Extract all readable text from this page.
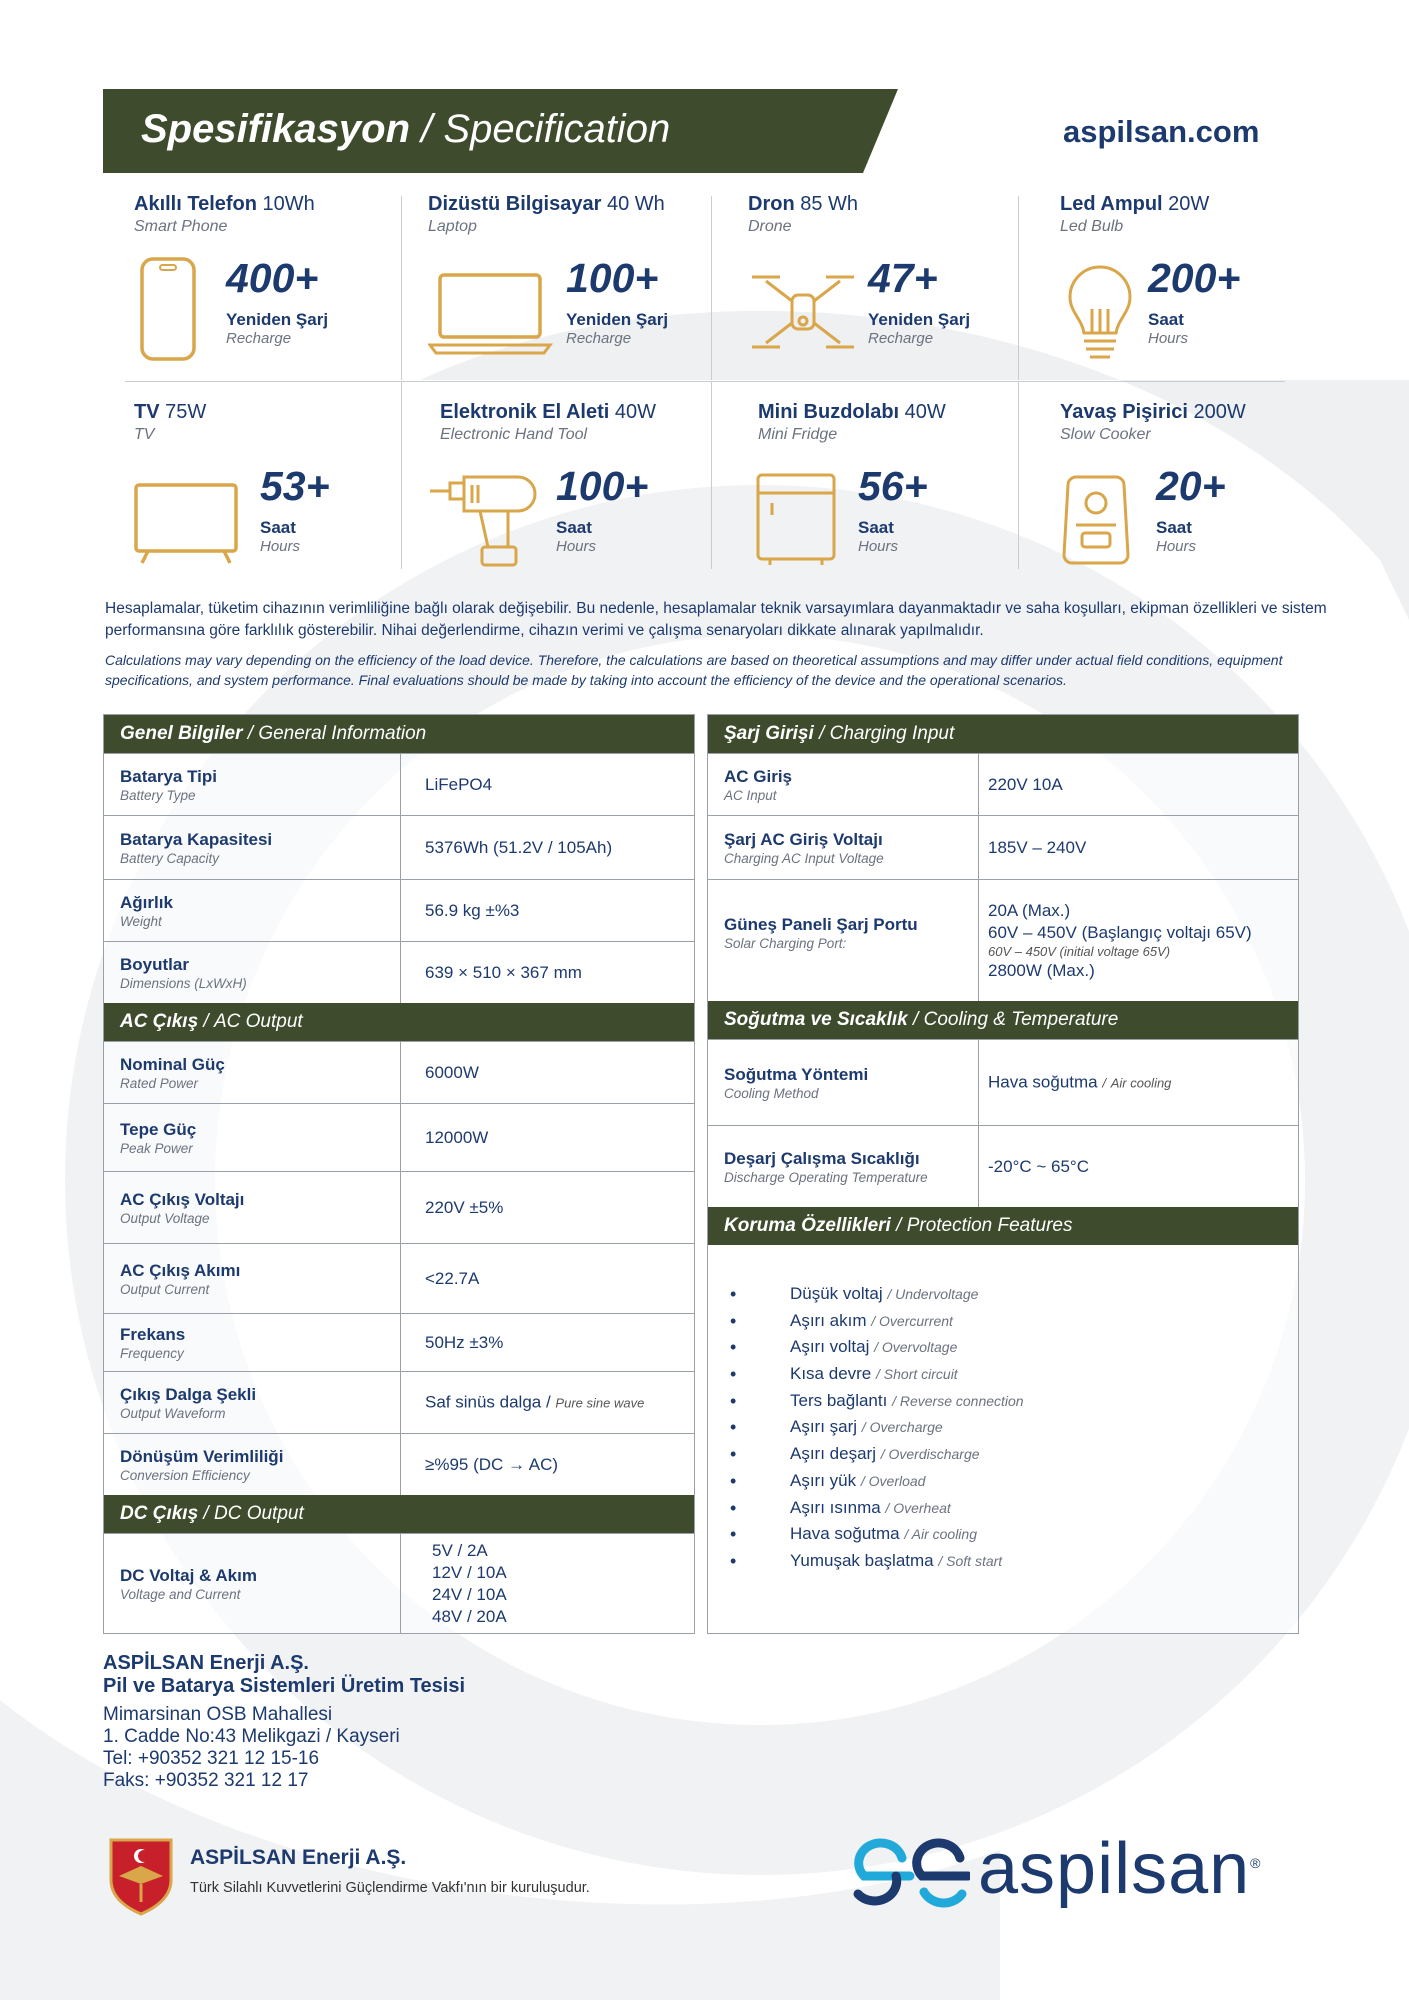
Spesifikasyon / Specification	aspilsan.com
Akıllı Telefon 10Wh
Smart Phone
400+
Yeniden Şarj
Recharge
Dizüstü Bilgisayar 40 Wh
Laptop
100+
Yeniden Şarj
Recharge
Dron 85 Wh
Drone
47+
Yeniden Şarj
Recharge
Led Ampul 20W
Led Bulb
200+
Saat
Hours
TV 75W
TV
53+
Saat
Hours
Elektronik El Aleti 40W
Electronic Hand Tool
100+
Saat
Hours
Mini Buzdolabı 40W
Mini Fridge
56+
Saat
Hours
Yavaş Pişirici 200W
Slow Cooker
20+
Saat
Hours
Hesaplamalar, tüketim cihazının verimliliğine bağlı olarak değişebilir. Bu nedenle, hesaplamalar teknik varsayımlara dayanmaktadır ve saha koşulları, ekipman özellikleri ve sistem performansına göre farklılık gösterebilir. Nihai değerlendirme, cihazın verimi ve çalışma senaryoları dikkate alınarak yapılmalıdır.
Calculations may vary depending on the efficiency of the load device. Therefore, the calculations are based on theoretical assumptions and may differ under actual field conditions, equipment specifications, and system performance. Final evaluations should be made by taking into account the efficiency of the device and the operational scenarios.
Genel Bilgiler / General Information
Batarya Tipi
Battery Type
LiFePO4
Batarya Kapasitesi
Battery Capacity
5376Wh (51.2V / 105Ah)
Ağırlık
Weight
56.9 kg ±%3
Boyutlar
Dimensions (LxWxH)
639 × 510 × 367 mm
AC Çıkış / AC Output
Nominal Güç
Rated Power
6000W
Tepe Güç
Peak Power
12000W
AC Çıkış Voltajı
Output Voltage
220V ±5%
AC Çıkış Akımı
Output Current
<22.7A
Frekans
Frequency
50Hz ±3%
Çıkış Dalga Şekli
Output Waveform
Saf sinüs dalga / Pure sine wave
Dönüşüm Verimliliği
Conversion Efficiency
≥%95 (DC → AC)
DC Çıkış / DC Output
DC Voltaj & Akım
Voltage and Current
5V / 2A
12V / 10A
24V / 10A
48V / 20A
Şarj Girişi / Charging Input
AC Giriş
AC Input
220V 10A
Şarj AC Giriş Voltajı
Charging AC Input Voltage
185V – 240V
Güneş Paneli Şarj Portu
Solar Charging Port:
20A (Max.)
60V – 450V (Başlangıç voltajı 65V)
60V – 450V (initial voltage 65V)
2800W (Max.)
Soğutma ve Sıcaklık / Cooling & Temperature
Soğutma Yöntemi
Cooling Method
Hava soğutma / Air cooling
Deşarj Çalışma Sıcaklığı
Discharge Operating Temperature
-20°C ~ 65°C
Koruma Özellikleri / Protection Features
• Düşük voltaj / Undervoltage
• Aşırı akım / Overcurrent
• Aşırı voltaj / Overvoltage
• Kısa devre / Short circuit
• Ters bağlantı / Reverse connection
• Aşırı şarj / Overcharge
• Aşırı deşarj / Overdischarge
• Aşırı yük / Overload
• Aşırı ısınma / Overheat
• Hava soğutma / Air cooling
• Yumuşak başlatma / Soft start
ASPİLSAN Enerji A.Ş.
Pil ve Batarya Sistemleri Üretim Tesisi
Mimarsinan OSB Mahallesi
1. Cadde No:43 Melikgazi / Kayseri
Tel: +90352 321 12 15-16
Faks: +90352 321 12 17
ASPİLSAN Enerji A.Ş.
Türk Silahlı Kuvvetlerini Güçlendirme Vakfı'nın bir kuruluşudur.	aspilsan®
